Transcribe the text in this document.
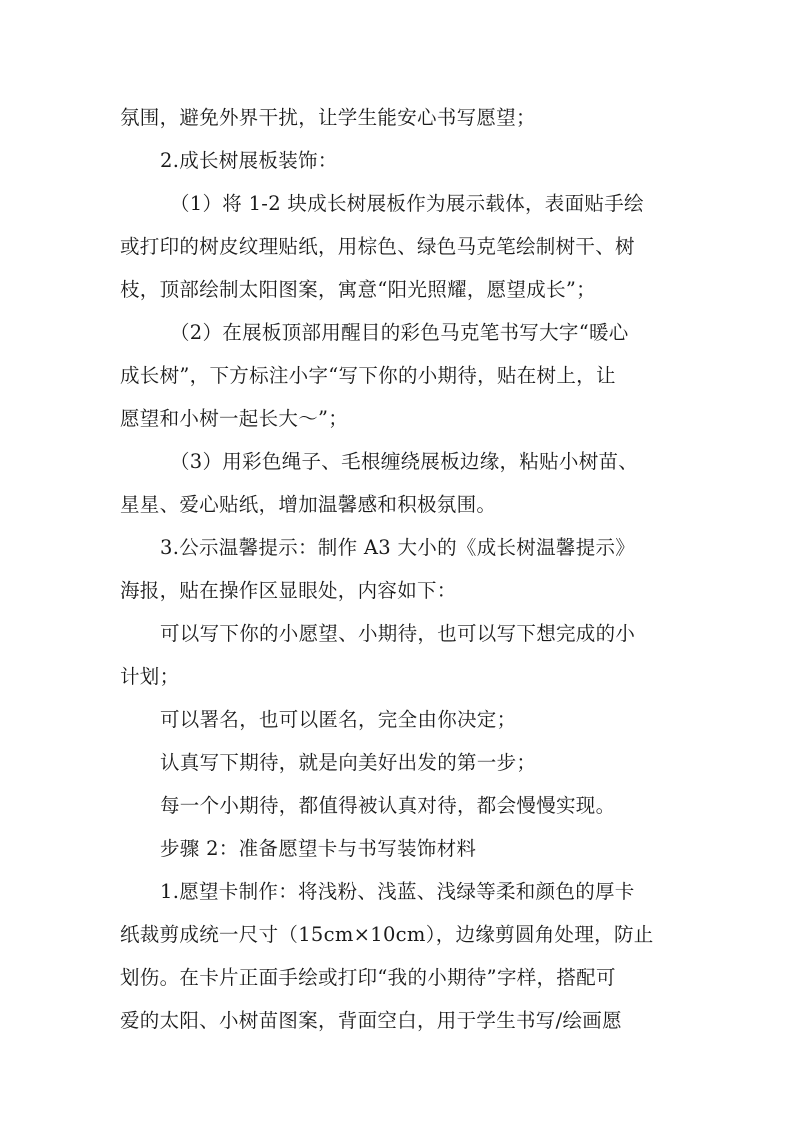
氛围，避免外界干扰，让学生能安心书写愿望；
2.成长树展板装饰：
（1）将 1-2 块成长树展板作为展示载体，表面贴手绘
或打印的树皮纹理贴纸，用棕色、绿色马克笔绘制树干、树
枝，顶部绘制太阳图案，寓意“阳光照耀，愿望成长”；
（2）在展板顶部用醒目的彩色马克笔书写大字“暖心
成长树”，下方标注小字“写下你的小期待，贴在树上，让
愿望和小树一起长大～”；
（3）用彩色绳子、毛根缠绕展板边缘，粘贴小树苗、
星星、爱心贴纸，增加温馨感和积极氛围。
3.公示温馨提示：制作 A3 大小的《成长树温馨提示》
海报，贴在操作区显眼处，内容如下：
可以写下你的小愿望、小期待，也可以写下想完成的小
计划；
可以署名，也可以匿名，完全由你决定；
认真写下期待，就是向美好出发的第一步；
每一个小期待，都值得被认真对待，都会慢慢实现。
步骤 2：准备愿望卡与书写装饰材料
1.愿望卡制作：将浅粉、浅蓝、浅绿等柔和颜色的厚卡
纸裁剪成统一尺寸（15cm×10cm），边缘剪圆角处理，防止
划伤。在卡片正面手绘或打印“我的小期待”字样，搭配可
爱的太阳、小树苗图案，背面空白，用于学生书写/绘画愿
